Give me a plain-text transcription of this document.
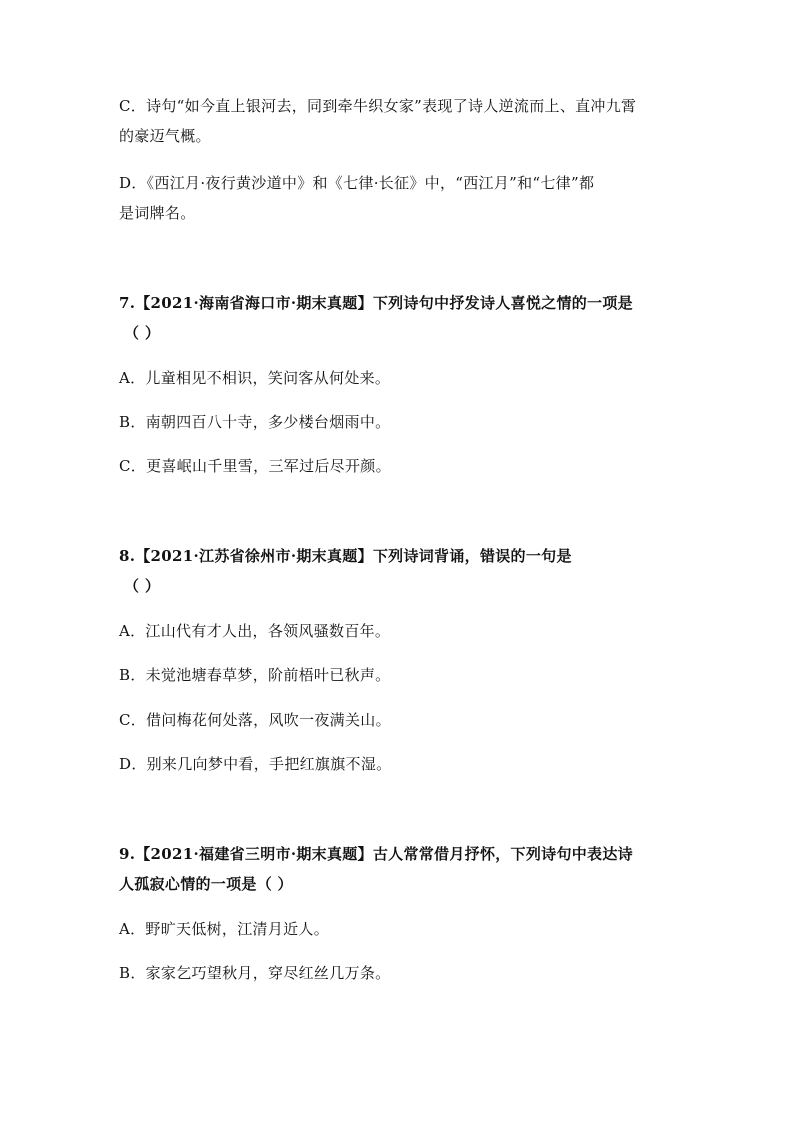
C．诗句“如今直上银河去，同到牵牛织女家”表现了诗人逆流而上、直冲九霄
的豪迈气概。
D．《西江月·夜行黄沙道中》和《七律·长征》中，“西江月”和“七律”都
是词牌名。
7.【2021·海南省海口市·期末真题】下列诗句中抒发诗人喜悦之情的一项是
（ ）
A．儿童相见不相识，笑问客从何处来。
B．南朝四百八十寺，多少楼台烟雨中。
C．更喜岷山千里雪，三军过后尽开颜。
8.【2021·江苏省徐州市·期末真题】下列诗词背诵，错误的一句是
（ ）
A．江山代有才人出，各领风骚数百年。
B．未觉池塘春草梦，阶前梧叶已秋声。
C．借问梅花何处落，风吹一夜满关山。
D．别来几向梦中看，手把红旗旗不湿。
9.【2021·福建省三明市·期末真题】古人常常借月抒怀，下列诗句中表达诗
人孤寂心情的一项是（ ）
A．野旷天低树，江清月近人。
B．家家乞巧望秋月，穿尽红丝几万条。
